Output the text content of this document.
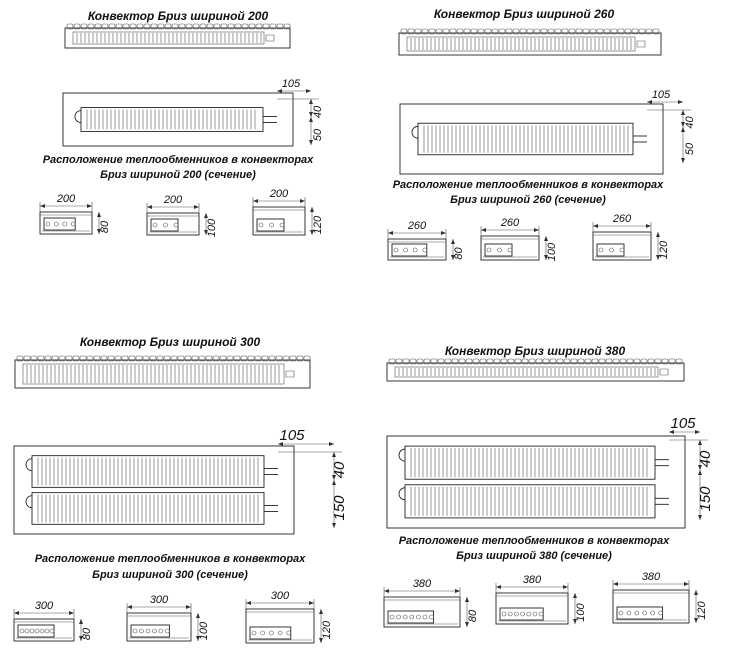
Конвектор Бриз шириной 200
105
40
50
Расположение теплообменников в конвекторах
Бриз шириной 200 (сечение)
200
80
200
100
200
120
Конвектор Бриз шириной 260
105
40
50
Расположение теплообменников в конвекторах
Бриз шириной 260 (сечение)
260
80
260
100
260
120
Конвектор Бриз шириной 300
105
40
150
Расположение теплообменников в конвекторах
Бриз шириной 300 (сечение)
300
80
300
100
300
120
Конвектор Бриз шириной 380
105
40
150
Расположение теплообменников в конвекторах
Бриз шириной 380 (сечение)
380
80
380
100
380
120
